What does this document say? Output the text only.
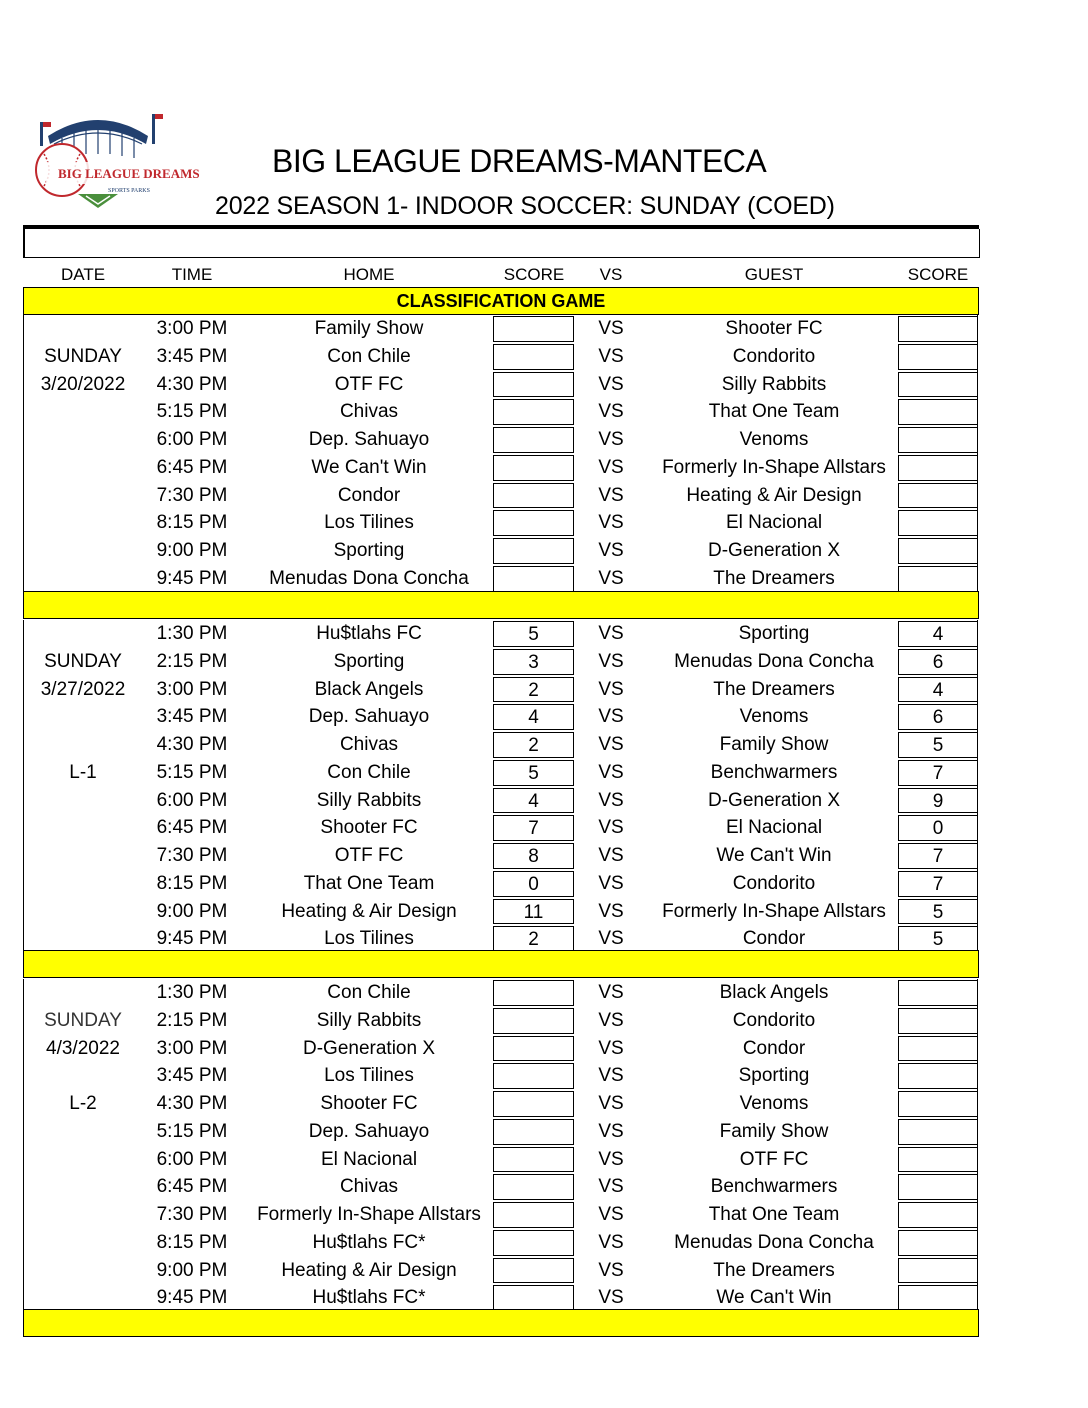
BIG LEAGUE DREAMS
SPORTS PARKS
BIG LEAGUE DREAMS-MANTECA
2022 SEASON 1- INDOOR SOCCER: SUNDAY (COED)
DATE	TIME	HOME	SCORE VS	GUEST	SCORE
CLASSIFICATION GAME
SUNDAY
3/20/2022
3:00 PM	Family Show	VS	Shooter FC
3:45 PM	Con Chile	VS	Condorito
4:30 PM	OTF FC	VS	Silly Rabbits
5:15 PM	Chivas	VS	That One Team
6:00 PM	Dep. Sahuayo	VS	Venoms
6:45 PM	We Can't Win	VS Formerly In-Shape Allstars
7:30 PM	Condor	VS	Heating & Air Design
8:15 PM	Los Tilines	VS	El Nacional
9:00 PM	Sporting	VS	D-Generation X
9:45 PM Menudas Dona Concha	VS	The Dreamers
SUNDAY
3/27/2022
L-1
1:30 PM	Hu$tlahs FC	5	VS	Sporting	4
2:15 PM	Sporting	3	VS	Menudas Dona Concha	6
3:00 PM	Black Angels	2	VS	The Dreamers	4
3:45 PM	Dep. Sahuayo	4	VS	Venoms	6
4:30 PM	Chivas	2	VS	Family Show	5
5:15 PM	Con Chile	5	VS	Benchwarmers	7
6:00 PM	Silly Rabbits	4	VS	D-Generation X	9
6:45 PM	Shooter FC	7	VS	El Nacional	0
7:30 PM	OTF FC	8	VS	We Can't Win	7
8:15 PM	That One Team	0	VS	Condorito	7
9:00 PM	Heating & Air Design	11	VS Formerly In-Shape Allstars	5
9:45 PM	Los Tilines	2	VS	Condor	5
SUNDAY
4/3/2022
L-2
1:30 PM	Con Chile	VS	Black Angels
2:15 PM	Silly Rabbits	VS	Condorito
3:00 PM	D-Generation X	VS	Condor
3:45 PM	Los Tilines	VS	Sporting
4:30 PM	Shooter FC	VS	Venoms
5:15 PM	Dep. Sahuayo	VS	Family Show
6:00 PM	El Nacional	VS	OTF FC
6:45 PM	Chivas	VS	Benchwarmers
7:30 PM Formerly In-Shape Allstars	VS	That One Team
8:15 PM	Hu$tlahs FC*	VS	Menudas Dona Concha
9:00 PM	Heating & Air Design	VS	The Dreamers
9:45 PM	Hu$tlahs FC*	VS	We Can't Win
